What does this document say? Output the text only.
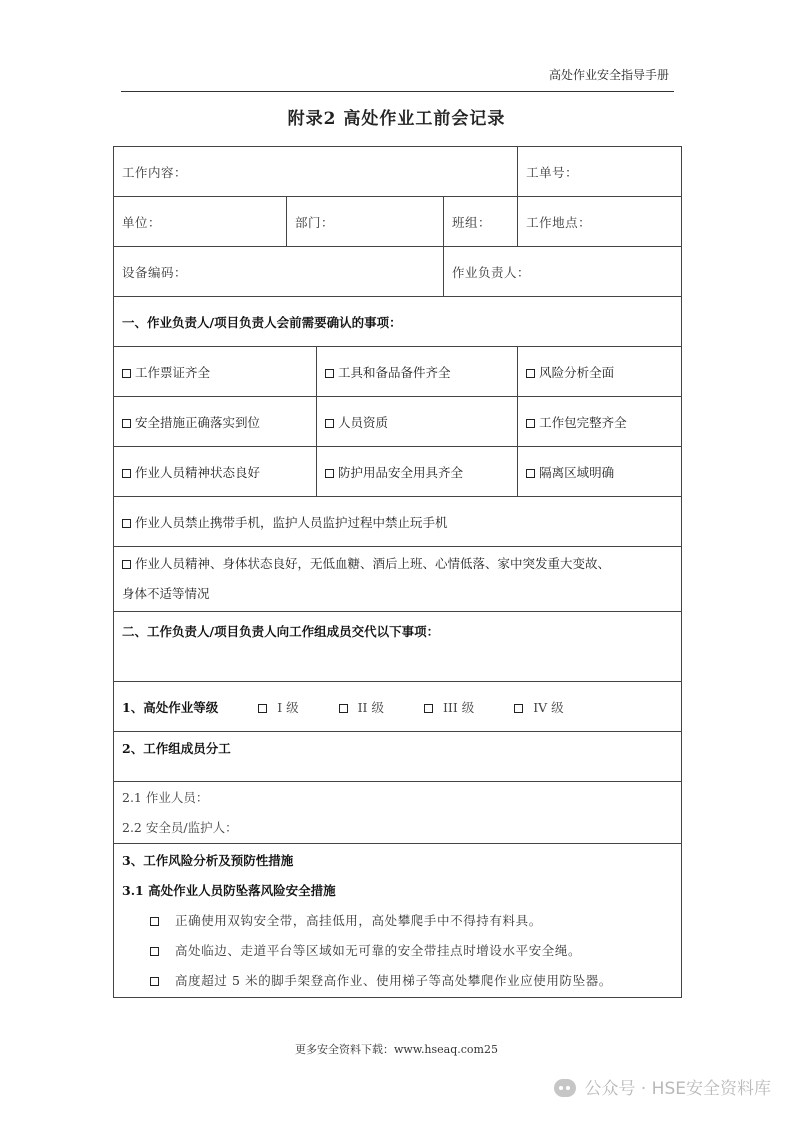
高处作业安全指导手册
附录2 高处作业工前会记录
工作内容：				工单号：
单位：	部门：		班组：	工作地点：
设备编码：			作业负责人：	
一、作业负责人/项目负责人会前需要确认的事项：				
工作票证齐全		工具和备品备件齐全		风险分析全面
安全措施正确落实到位		人员资质		工作包完整齐全
作业人员精神状态良好		防护用品安全用具齐全		隔离区域明确
作业人员禁止携带手机，监护人员监护过程中禁止玩手机				

作业人员精神、身体状态良好，无低血糖、酒后上班、心情低落、家中突发重大变故、
身体不适等情况				

二、工作负责人/项目负责人向工作组成员交代以下事项：				
1、高处作业等级 I 级 II 级 III 级 IV 级				
2、工作组成员分工				

2.1 作业人员：
2.2 安全员/监护人：				

3、工作风险分析及预防性措施
3.1 高处作业人员防坠落风险安全措施
正确使用双钩安全带，高挂低用，高处攀爬手中不得持有料具。
高处临边、走道平台等区域如无可靠的安全带挂点时增设水平安全绳。
高度超过 5 米的脚手架登高作业、使用梯子等高处攀爬作业应使用防坠器。				
更多安全资料下载：www.hseaq.com25
公众号 · HSE安全资料库
